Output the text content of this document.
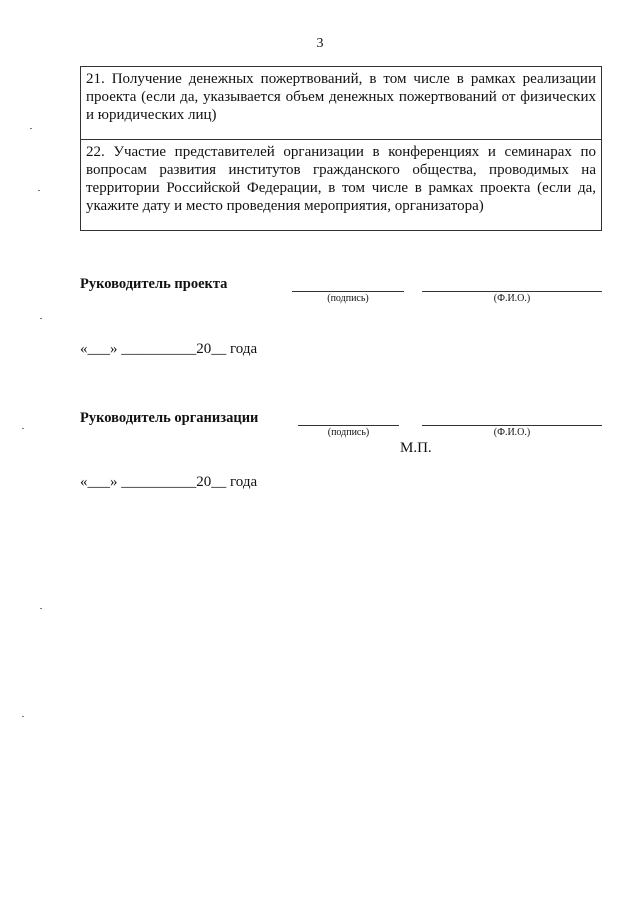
3
21. Получение денежных пожертвований, в том числе в рамках реализации проекта (если да, указывается объем денежных пожертвований от физических и юридических лиц)
22. Участие представителей организации в конференциях и семинарах по вопросам развития институтов гражданского общества, проводимых на территории Российской Федерации, в том числе в рамках проекта (если да, укажите дату и место проведения мероприятия, организатора)
Руководитель проекта
(подпись)	(Ф.И.О.)
«___» __________20__ года
Руководитель организации
(подпись)	(Ф.И.О.)
М.П.
«___» __________20__ года
